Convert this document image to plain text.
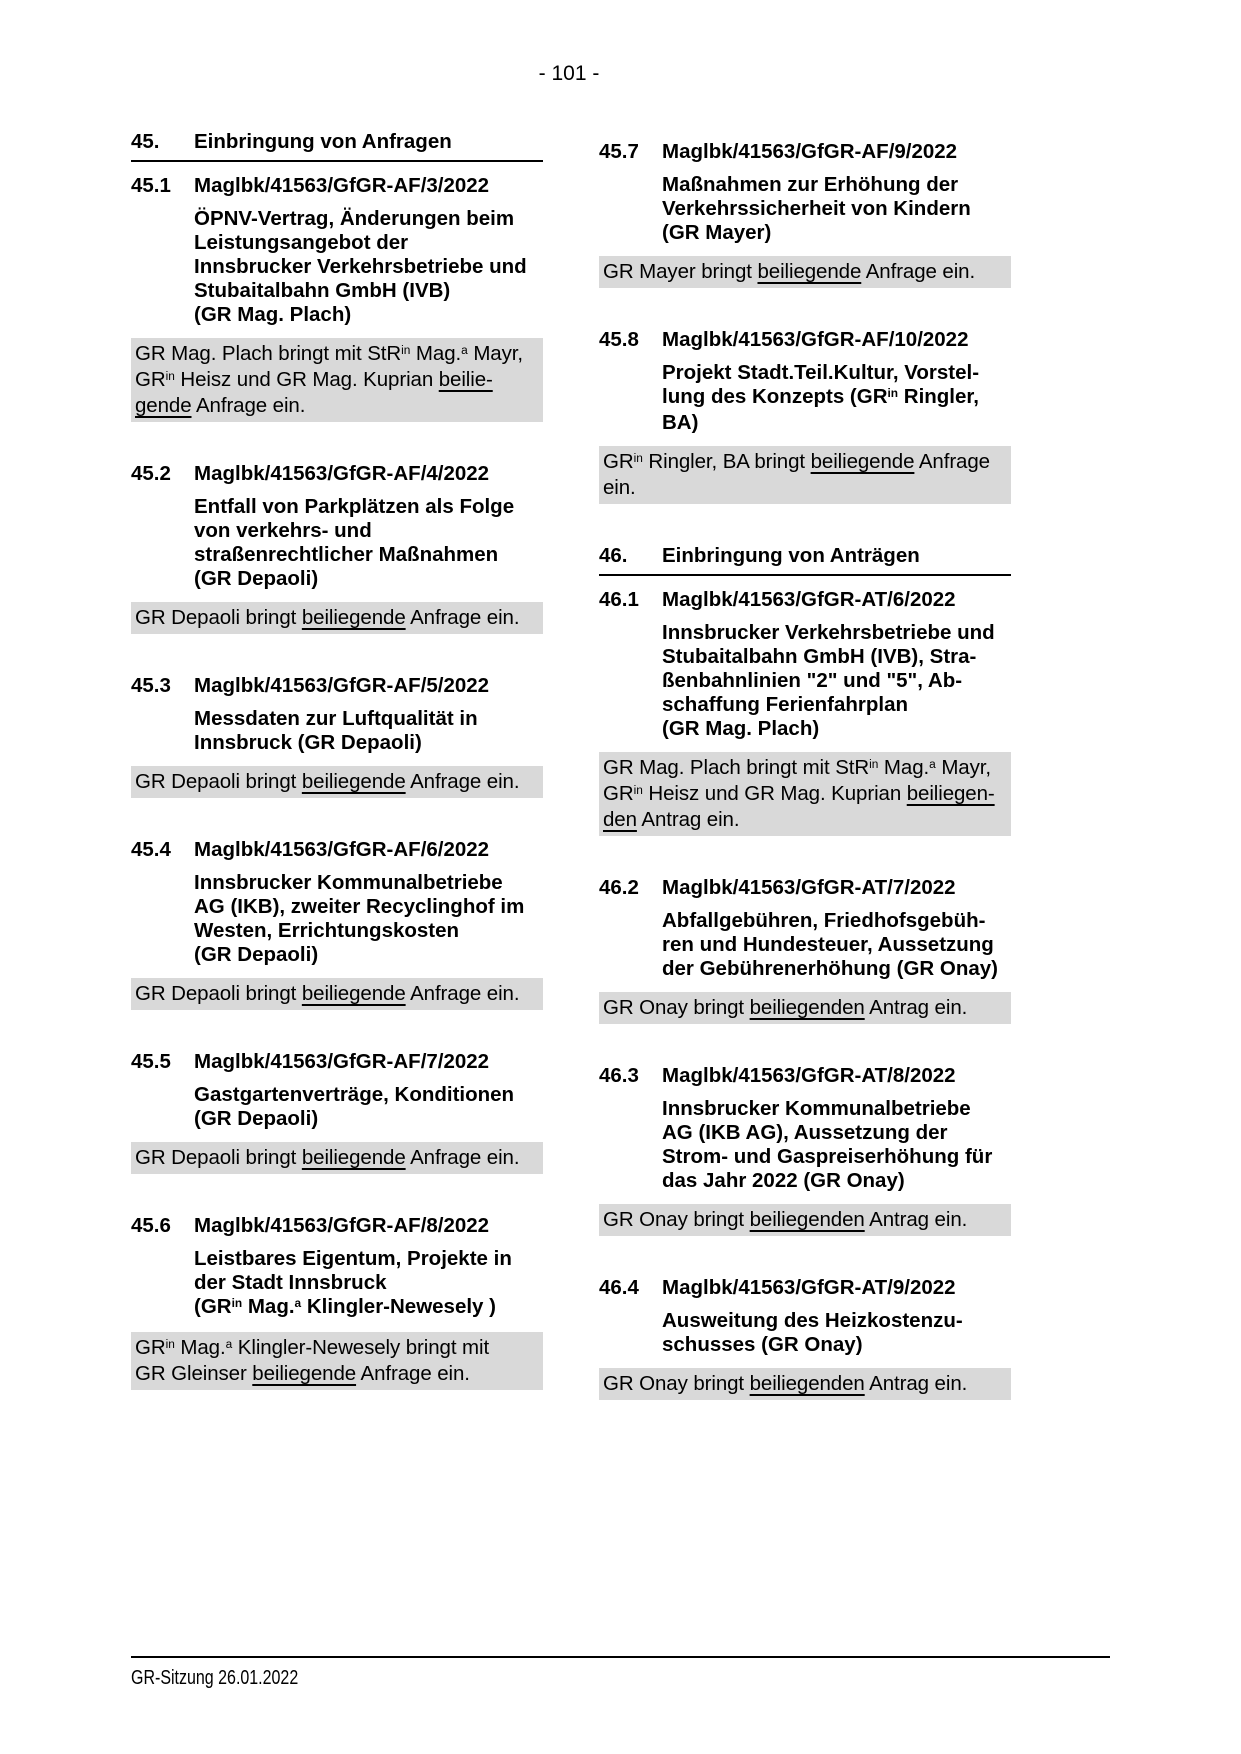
- 101 -
45.	Einbringung von Anfragen
45.1	Maglbk/41563/GfGR-AF/3/2022
ÖPNV-Vertrag, Änderungen beim
Leistungsangebot der
Innsbrucker Verkehrsbetriebe und
Stubaitalbahn GmbH (IVB)
(GR Mag. Plach)
GR Mag. Plach bringt mit StR$^{in}$ Mag.$^a$ Mayr,
$GR^{in}$ Heisz und GR Mag. Kuprian beilie-
gende Anfrage ein.
45.2	Maglbk/41563/GfGR-AF/4/2022
Entfall von Parkplätzen als Folge
von verkehrs- und
straßenrechtlicher Maßnahmen
(GR Depaoli)
GR Depaoli bringt beiliegende Anfrage ein.
45.3	Maglbk/41563/GfGR-AF/5/2022
Messdaten zur Luftqualität in
Innsbruck (GR Depaoli)
GR Depaoli bringt beiliegende Anfrage ein.
45.4	Maglbk/41563/GfGR-AF/6/2022
Innsbrucker Kommunalbetriebe
AG (IKB), zweiter Recyclinghof im
Westen, Errichtungskosten
(GR Depaoli)
GR Depaoli bringt beiliegende Anfrage ein.
45.5	Maglbk/41563/GfGR-AF/7/2022
Gastgartenverträge, Konditionen
(GR Depaoli)
GR Depaoli bringt beiliegende Anfrage ein.
45.6	Maglbk/41563/GfGR-AF/8/2022
Leistbares Eigentum, Projekte in
der Stadt Innsbruck
($GR^{in}$ Mag.$^a$ Klingler-Newesely )
$GR^{in}$ Mag.$^a$ Klingler-Newesely bringt mit
GR Gleinser beiliegende Anfrage ein.
45.7	Maglbk/41563/GfGR-AF/9/2022
Maßnahmen zur Erhöhung der
Verkehrssicherheit von Kindern
(GR Mayer)
GR Mayer bringt beiliegende Anfrage ein.
45.8	Maglbk/41563/GfGR-AF/10/2022
Projekt Stadt.Teil.Kultur, Vorstel-
lung des Konzepts ($GR^{in}$ Ringler,
BA)
$GR^{in}$ Ringler, BA bringt beiliegende Anfrage
ein.
46.	Einbringung von Anträgen
46.1	Maglbk/41563/GfGR-AT/6/2022
Innsbrucker Verkehrsbetriebe und
Stubaitalbahn GmbH (IVB), Stra-
ßenbahnlinien "2" und "5", Ab-
schaffung Ferienfahrplan
(GR Mag. Plach)
GR Mag. Plach bringt mit StR$^{in}$ Mag.$^a$ Mayr,
$GR^{in}$ Heisz und GR Mag. Kuprian beiliegen-
den Antrag ein.
46.2	Maglbk/41563/GfGR-AT/7/2022
Abfallgebühren, Friedhofsgebüh-
ren und Hundesteuer, Aussetzung
der Gebührenerhöhung (GR Onay)
GR Onay bringt beiliegenden Antrag ein.
46.3	Maglbk/41563/GfGR-AT/8/2022
Innsbrucker Kommunalbetriebe
AG (IKB AG), Aussetzung der
Strom- und Gaspreiserhöhung für
das Jahr 2022 (GR Onay)
GR Onay bringt beiliegenden Antrag ein.
46.4	Maglbk/41563/GfGR-AT/9/2022
Ausweitung des Heizkostenzu-
schusses (GR Onay)
GR Onay bringt beiliegenden Antrag ein.
GR-Sitzung 26.01.2022
